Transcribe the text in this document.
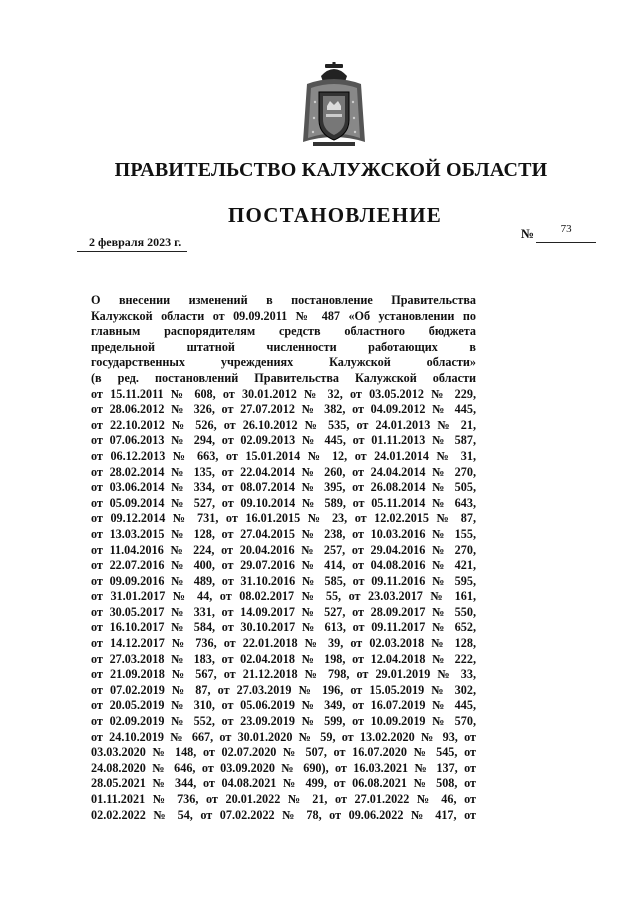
ПРАВИТЕЛЬСТВО КАЛУЖСКОЙ ОБЛАСТИ
ПОСТАНОВЛЕНИЕ
2 февраля 2023 г.
№ $^{73}$
О внесении изменений в постановление Правительства
Калужской области от 09.09.2011 № 487 «Об установлении по
главным распорядителям средств областного бюджета
предельной штатной численности работающих в
государственных учреждениях Калужской области»
(в ред. постановлений Правительства Калужской области
от 15.11.2011 № 608, от 30.01.2012 № 32, от 03.05.2012 № 229,
от 28.06.2012 № 326, от 27.07.2012 № 382, от 04.09.2012 № 445,
от 22.10.2012 № 526, от 26.10.2012 № 535, от 24.01.2013 № 21,
от 07.06.2013 № 294, от 02.09.2013 № 445, от 01.11.2013 № 587,
от 06.12.2013 № 663, от 15.01.2014 № 12, от 24.01.2014 № 31,
от 28.02.2014 № 135, от 22.04.2014 № 260, от 24.04.2014 № 270,
от 03.06.2014 № 334, от 08.07.2014 № 395, от 26.08.2014 № 505,
от 05.09.2014 № 527, от 09.10.2014 № 589, от 05.11.2014 № 643,
от 09.12.2014 № 731, от 16.01.2015 № 23, от 12.02.2015 № 87,
от 13.03.2015 № 128, от 27.04.2015 № 238, от 10.03.2016 № 155,
от 11.04.2016 № 224, от 20.04.2016 № 257, от 29.04.2016 № 270,
от 22.07.2016 № 400, от 29.07.2016 № 414, от 04.08.2016 № 421,
от 09.09.2016 № 489, от 31.10.2016 № 585, от 09.11.2016 № 595,
от 31.01.2017 № 44, от 08.02.2017 № 55, от 23.03.2017 № 161,
от 30.05.2017 № 331, от 14.09.2017 № 527, от 28.09.2017 № 550,
от 16.10.2017 № 584, от 30.10.2017 № 613, от 09.11.2017 № 652,
от 14.12.2017 № 736, от 22.01.2018 № 39, от 02.03.2018 № 128,
от 27.03.2018 № 183, от 02.04.2018 № 198, от 12.04.2018 № 222,
от 21.09.2018 № 567, от 21.12.2018 № 798, от 29.01.2019 № 33,
от 07.02.2019 № 87, от 27.03.2019 № 196, от 15.05.2019 № 302,
от 20.05.2019 № 310, от 05.06.2019 № 349, от 16.07.2019 № 445,
от 02.09.2019 № 552, от 23.09.2019 № 599, от 10.09.2019 № 570,
от 24.10.2019 № 667, от 30.01.2020 № 59, от 13.02.2020 № 93, от
03.03.2020 № 148, от 02.07.2020 № 507, от 16.07.2020 № 545, от
24.08.2020 № 646, от 03.09.2020 № 690), от 16.03.2021 № 137, от
28.05.2021 № 344, от 04.08.2021 № 499, от 06.08.2021 № 508, от
01.11.2021 № 736, от 20.01.2022 № 21, от 27.01.2022 № 46, от
02.02.2022 № 54, от 07.02.2022 № 78, от 09.06.2022 № 417, от
